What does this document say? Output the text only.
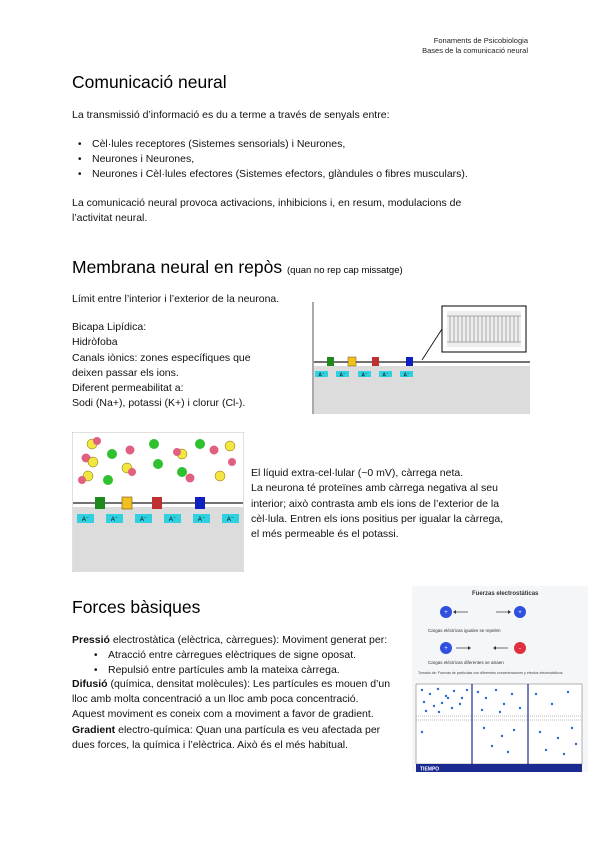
Fonaments de Psicobiologia
Bases de la comunicació neural
Comunicació neural

La transmissió d’informació es du a terme a través de senyals entre:

• Cèl·lules receptores (Sistemes sensorials) i Neurones,
• Neurones i Neurones,
• Neurones i Cèl·lules efectores (Sistemes efectors, glàndules o fibres musculars).
La comunicació neural provoca activacions, inhibicions i, en resum, modulacions de
l’activitat neural.
Membrana neural en repòs (quan no rep cap missatge)

Límit entre l’interior i l’exterior de la neurona.

Bicapa Lipídica:
Hidròfoba
Canals iònics: zones específiques que
deixen passar els ions.
Diferent permeabilitat a:
Sodi (Na+), potassi (K+) i clorur (Cl-).
A⁻	A⁻	A⁻	A⁻	A⁻
A⁻	A⁻	A⁻	A⁻	A⁻	A⁻
El líquid extra-cel·lular (~0 mV), càrrega neta.
La neurona té proteïnes amb càrrega negativa al seu
interior; això contrasta amb els ions de l’exterior de la
cèl·lula. Entren els ions positius per igualar la càrrega,
el més permeable és el potassi.
Forces bàsiques

Pressió electrostàtica (elèctrica, càrregues): Moviment generat per:

• Atracció entre càrregues elèctriques de signe oposat.
• Repulsió entre partícules amb la mateixa càrrega.
Difusió (química, densitat molècules): Les partícules es mouen d’un
lloc amb molta concentració a un lloc amb poca concentració.
Aquest moviment es coneix com a moviment a favor de gradient.
Gradient electro-química: Quan una partícula es veu afectada per
dues forces, la química i l’elèctrica. Això és el més habitual.
Fuerzas electrostáticas
+	+
Cargas eléctricas iguales se repelen
+	-
Cargas eléctricas diferentes se atraen
Tomado de: Fuerzas de partículas con diferentes concentraciones y efectos electrostáticos.
TIEMPO
